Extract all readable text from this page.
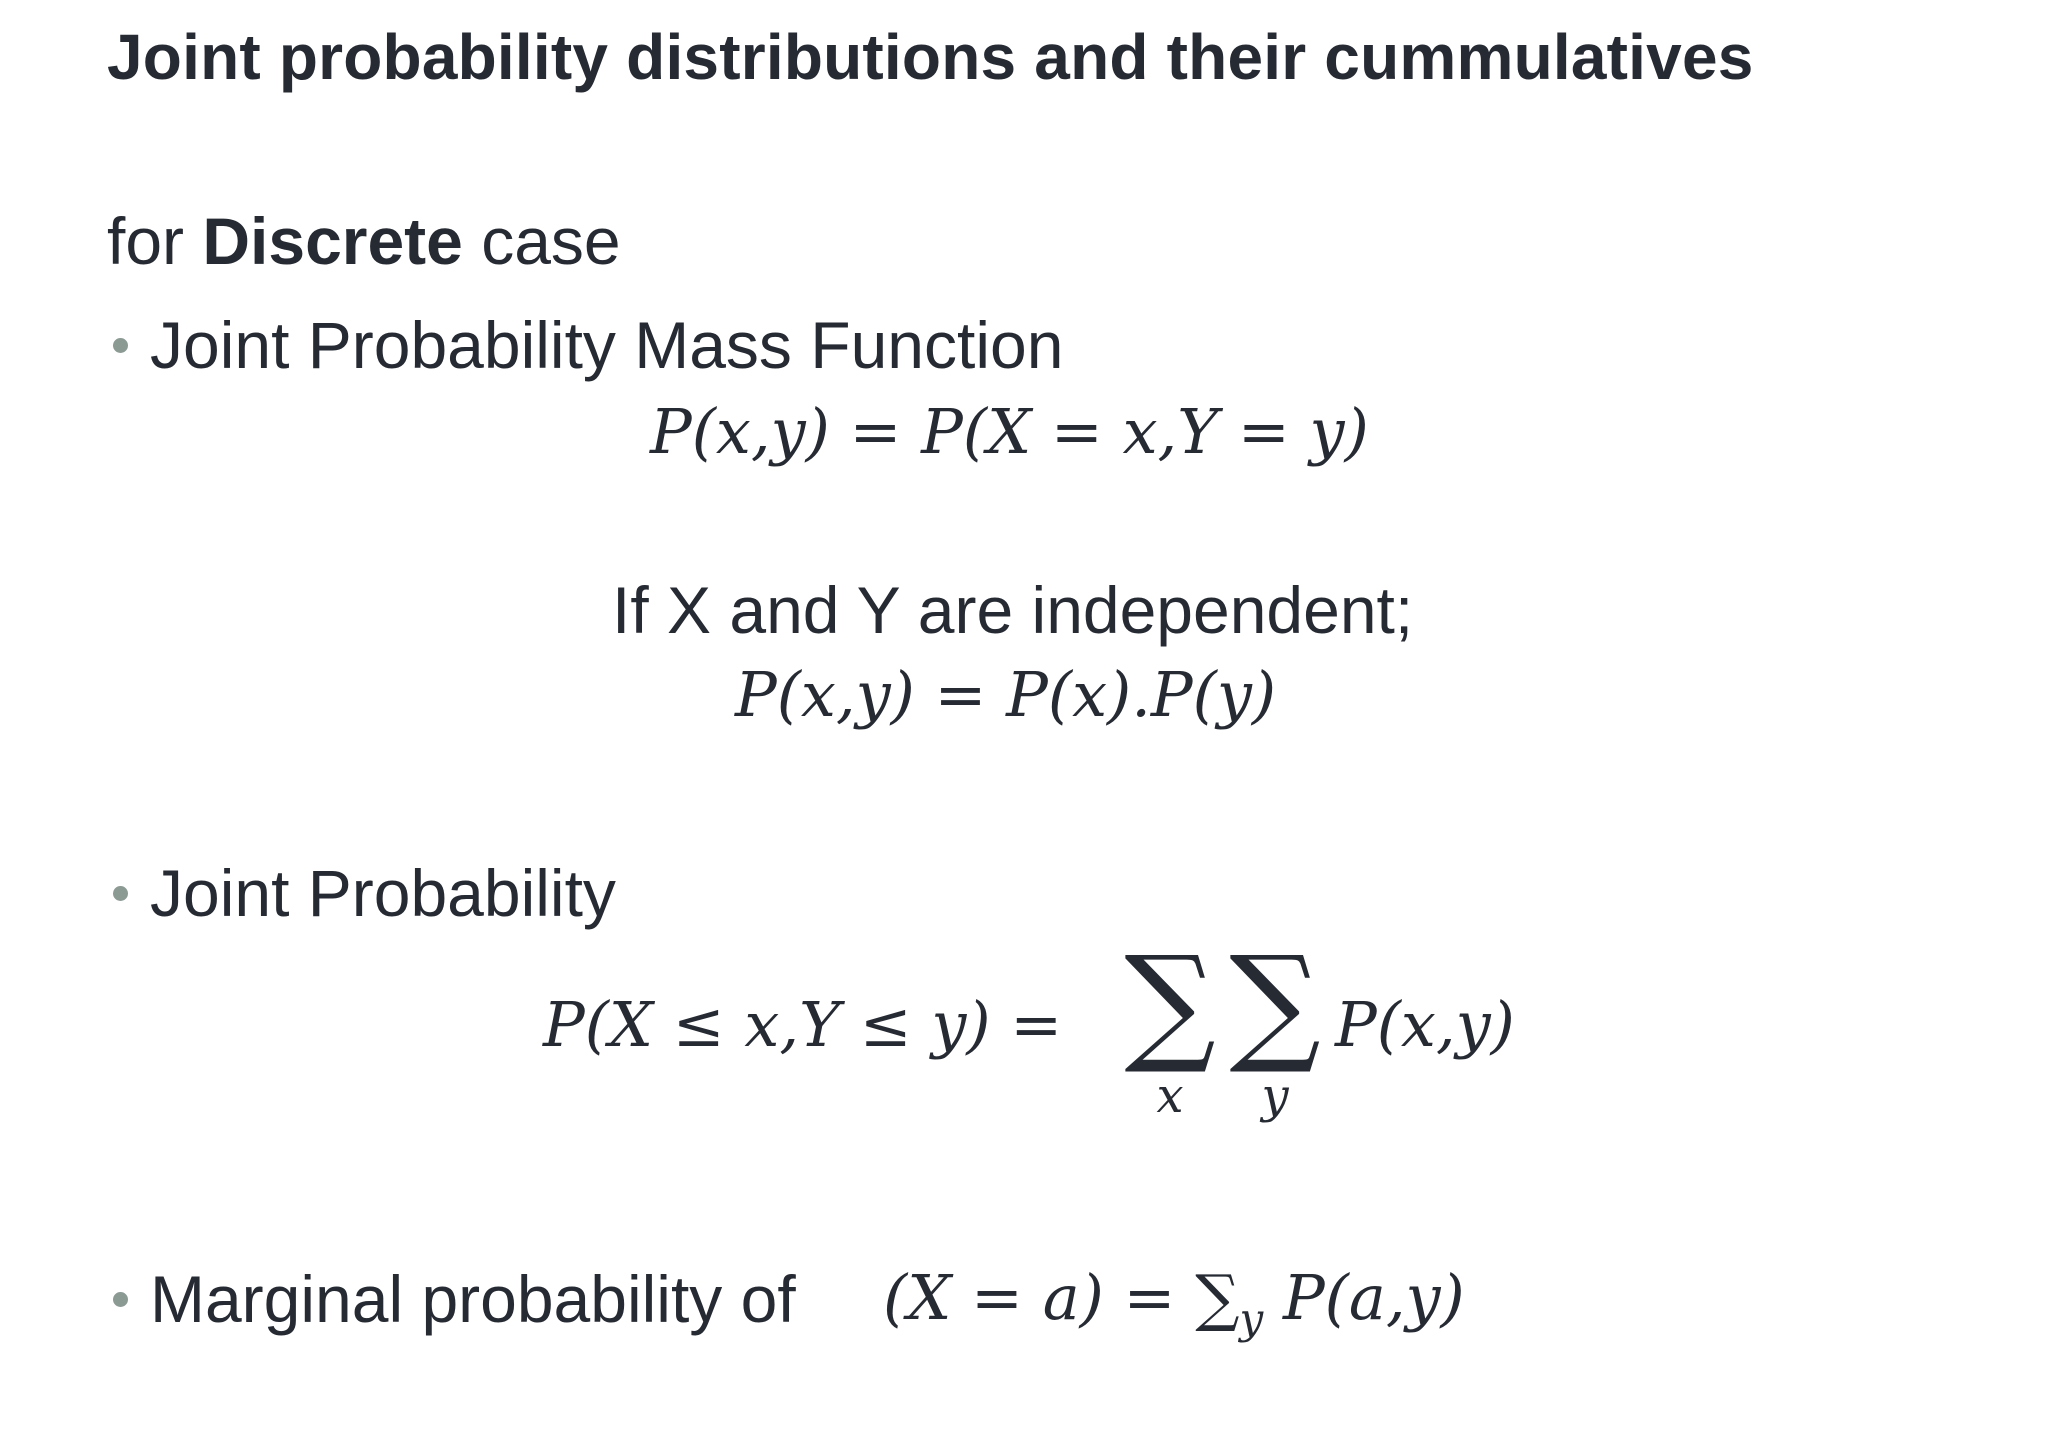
Joint probability distributions and their cummulatives
for Discrete case
Joint Probability Mass Function
P(x,y) = P(X = x,Y = y)
If X and Y are independent;
P(x,y) = P(x).P(y)
Joint Probability
P(X ≤ x,Y ≤ y) = ∑
x
∑
y
P(x,y)
Marginal probability of $(X = a) = \sum_y$ P(a,y)
